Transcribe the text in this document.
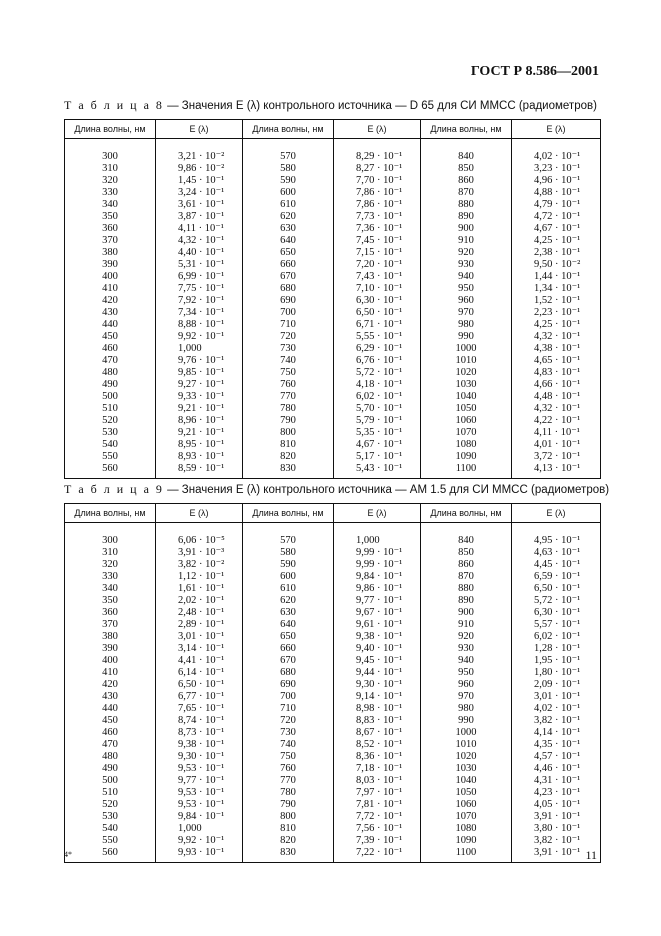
ГОСТ Р 8.586—2001
Т а б л и ц а 8 — Значения E (λ) контрольного источника — D 65 для СИ ММСС (радиометров)
Длина волны, нм	E (λ)	Длина волны, нм	E (λ)	Длина волны, нм	E (λ)
300	3,21 · 10⁻²	570	8,29 · 10⁻¹	840	4,02 · 10⁻¹
310	9,86 · 10⁻²	580	8,27 · 10⁻¹	850	3,23 · 10⁻¹
320	1,45 · 10⁻¹	590	7,70 · 10⁻¹	860	4,96 · 10⁻¹
330	3,24 · 10⁻¹	600	7,86 · 10⁻¹	870	4,88 · 10⁻¹
340	3,61 · 10⁻¹	610	7,86 · 10⁻¹	880	4,79 · 10⁻¹
350	3,87 · 10⁻¹	620	7,73 · 10⁻¹	890	4,72 · 10⁻¹
360	4,11 · 10⁻¹	630	7,36 · 10⁻¹	900	4,67 · 10⁻¹
370	4,32 · 10⁻¹	640	7,45 · 10⁻¹	910	4,25 · 10⁻¹
380	4,40 · 10⁻¹	650	7,15 · 10⁻¹	920	2,38 · 10⁻¹
390	5,31 · 10⁻¹	660	7,20 · 10⁻¹	930	9,50 · 10⁻²
400	6,99 · 10⁻¹	670	7,43 · 10⁻¹	940	1,44 · 10⁻¹
410	7,75 · 10⁻¹	680	7,10 · 10⁻¹	950	1,34 · 10⁻¹
420	7,92 · 10⁻¹	690	6,30 · 10⁻¹	960	1,52 · 10⁻¹
430	7,34 · 10⁻¹	700	6,50 · 10⁻¹	970	2,23 · 10⁻¹
440	8,88 · 10⁻¹	710	6,71 · 10⁻¹	980	4,25 · 10⁻¹
450	9,92 · 10⁻¹	720	5,55 · 10⁻¹	990	4,32 · 10⁻¹
460	1,000	730	6,29 · 10⁻¹	1000	4,38 · 10⁻¹
470	9,76 · 10⁻¹	740	6,76 · 10⁻¹	1010	4,65 · 10⁻¹
480	9,85 · 10⁻¹	750	5,72 · 10⁻¹	1020	4,83 · 10⁻¹
490	9,27 · 10⁻¹	760	4,18 · 10⁻¹	1030	4,66 · 10⁻¹
500	9,33 · 10⁻¹	770	6,02 · 10⁻¹	1040	4,48 · 10⁻¹
510	9,21 · 10⁻¹	780	5,70 · 10⁻¹	1050	4,32 · 10⁻¹
520	8,96 · 10⁻¹	790	5,79 · 10⁻¹	1060	4,22 · 10⁻¹
530	9,21 · 10⁻¹	800	5,35 · 10⁻¹	1070	4,11 · 10⁻¹
540	8,95 · 10⁻¹	810	4,67 · 10⁻¹	1080	4,01 · 10⁻¹
550	8,93 · 10⁻¹	820	5,17 · 10⁻¹	1090	3,72 · 10⁻¹
560	8,59 · 10⁻¹	830	5,43 · 10⁻¹	1100	4,13 · 10⁻¹
Т а б л и ц а 9 — Значения E (λ) контрольного источника — AM 1.5 для СИ ММСС (радиометров)
Длина волны, нм	E (λ)	Длина волны, нм	E (λ)	Длина волны, нм	E (λ)
300	6,06 · 10⁻⁵	570	1,000	840	4,95 · 10⁻¹
310	3,91 · 10⁻³	580	9,99 · 10⁻¹	850	4,63 · 10⁻¹
320	3,82 · 10⁻²	590	9,99 · 10⁻¹	860	4,45 · 10⁻¹
330	1,12 · 10⁻¹	600	9,84 · 10⁻¹	870	6,59 · 10⁻¹
340	1,61 · 10⁻¹	610	9,86 · 10⁻¹	880	6,50 · 10⁻¹
350	2,02 · 10⁻¹	620	9,77 · 10⁻¹	890	5,72 · 10⁻¹
360	2,48 · 10⁻¹	630	9,67 · 10⁻¹	900	6,30 · 10⁻¹
370	2,89 · 10⁻¹	640	9,61 · 10⁻¹	910	5,57 · 10⁻¹
380	3,01 · 10⁻¹	650	9,38 · 10⁻¹	920	6,02 · 10⁻¹
390	3,14 · 10⁻¹	660	9,40 · 10⁻¹	930	1,28 · 10⁻¹
400	4,41 · 10⁻¹	670	9,45 · 10⁻¹	940	1,95 · 10⁻¹
410	6,14 · 10⁻¹	680	9,44 · 10⁻¹	950	1,80 · 10⁻¹
420	6,50 · 10⁻¹	690	9,30 · 10⁻¹	960	2,09 · 10⁻¹
430	6,77 · 10⁻¹	700	9,14 · 10⁻¹	970	3,01 · 10⁻¹
440	7,65 · 10⁻¹	710	8,98 · 10⁻¹	980	4,02 · 10⁻¹
450	8,74 · 10⁻¹	720	8,83 · 10⁻¹	990	3,82 · 10⁻¹
460	8,73 · 10⁻¹	730	8,67 · 10⁻¹	1000	4,14 · 10⁻¹
470	9,38 · 10⁻¹	740	8,52 · 10⁻¹	1010	4,35 · 10⁻¹
480	9,30 · 10⁻¹	750	8,36 · 10⁻¹	1020	4,57 · 10⁻¹
490	9,53 · 10⁻¹	760	7,18 · 10⁻¹	1030	4,46 · 10⁻¹
500	9,77 · 10⁻¹	770	8,03 · 10⁻¹	1040	4,31 · 10⁻¹
510	9,53 · 10⁻¹	780	7,97 · 10⁻¹	1050	4,23 · 10⁻¹
520	9,53 · 10⁻¹	790	7,81 · 10⁻¹	1060	4,05 · 10⁻¹
530	9,84 · 10⁻¹	800	7,72 · 10⁻¹	1070	3,91 · 10⁻¹
540	1,000	810	7,56 · 10⁻¹	1080	3,80 · 10⁻¹
550	9,92 · 10⁻¹	820	7,39 · 10⁻¹	1090	3,82 · 10⁻¹
560	9,93 · 10⁻¹	830	7,22 · 10⁻¹	1100	3,91 · 10⁻¹
4*	11
